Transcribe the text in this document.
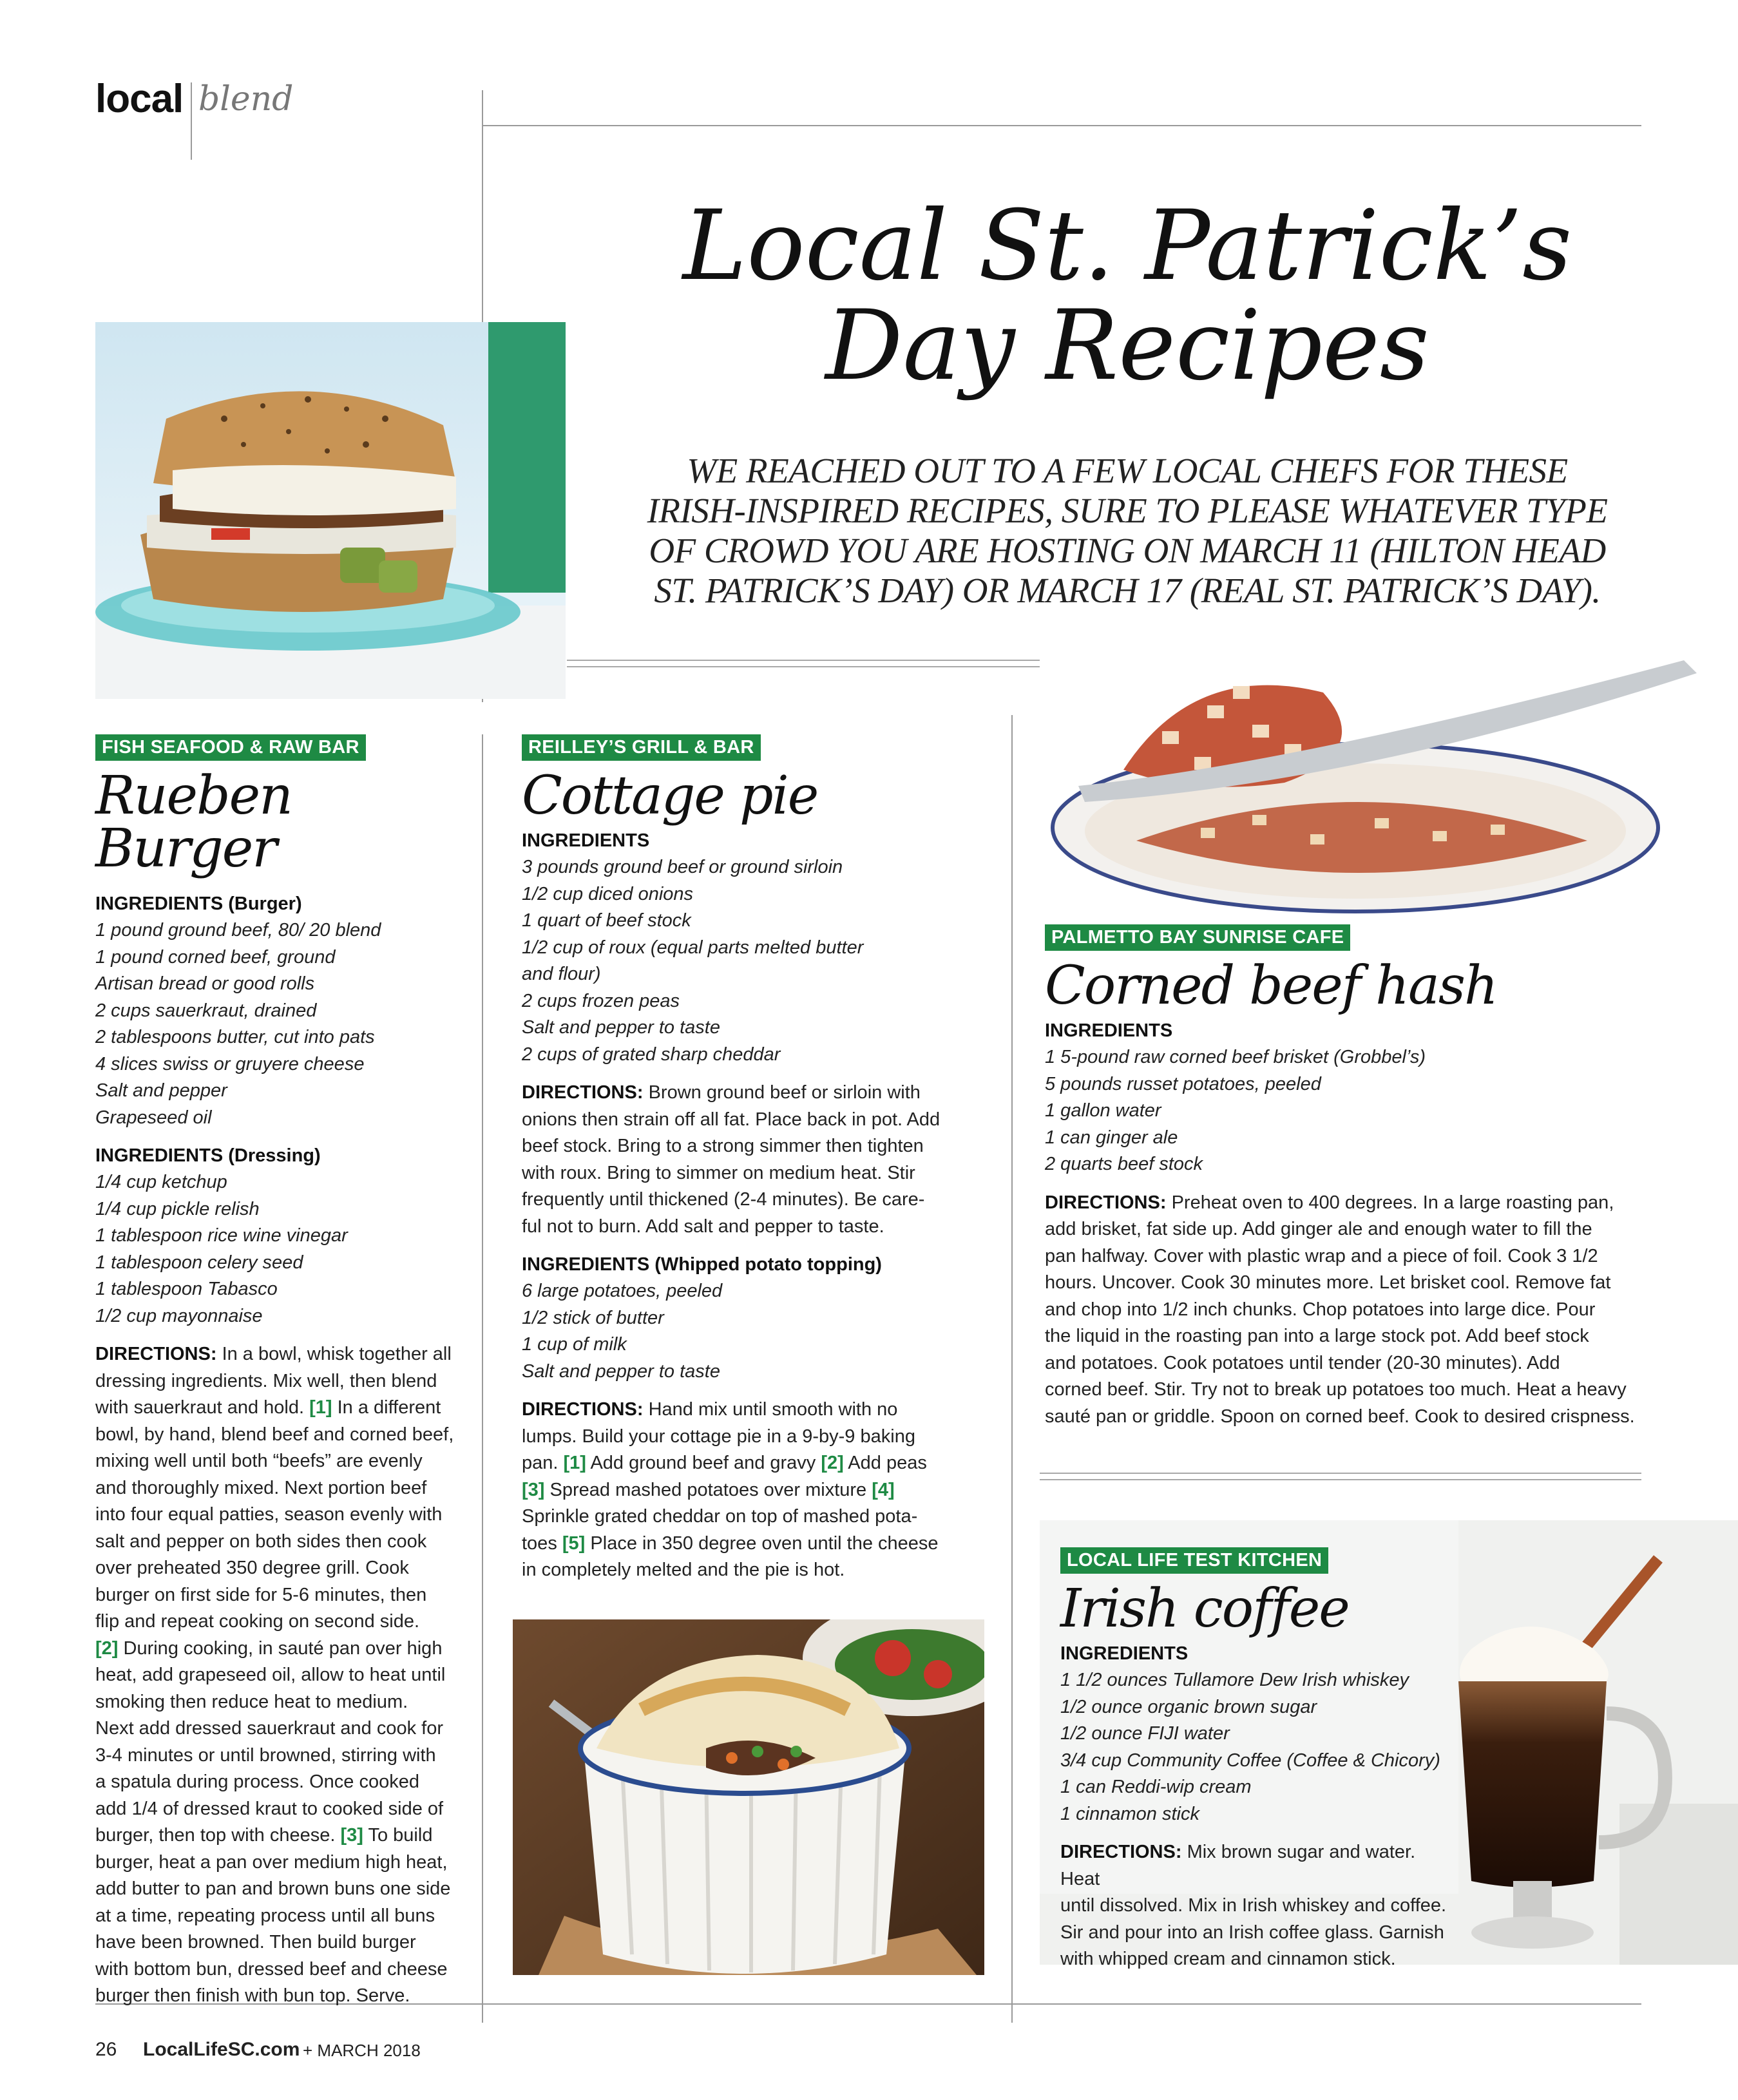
local blend
Local St. Patrick’s
Day Recipes
WE REACHED OUT TO A FEW LOCAL CHEFS FOR THESE
IRISH-INSPIRED RECIPES, SURE TO PLEASE WHATEVER TYPE
OF CROWD YOU ARE HOSTING ON MARCH 11 (HILTON HEAD
ST. PATRICK’S DAY) OR MARCH 17 (REAL ST. PATRICK’S DAY).
FISH SEAFOOD & RAW BAR
Rueben Burger
INGREDIENTS (Burger)
1 pound ground beef, 80/ 20 blend
1 pound corned beef, ground
Artisan bread or good rolls
2 cups sauerkraut, drained
2 tablespoons butter, cut into pats
4 slices swiss or gruyere cheese
Salt and pepper
Grapeseed oil
INGREDIENTS (Dressing)
1/4 cup ketchup
1/4 cup pickle relish
1 tablespoon rice wine vinegar
1 tablespoon celery seed
1 tablespoon Tabasco
1/2 cup mayonnaise
DIRECTIONS: In a bowl, whisk together all
dressing ingredients. Mix well, then blend
with sauerkraut and hold. [1] In a different
bowl, by hand, blend beef and corned beef,
mixing well until both “beefs” are evenly
and thoroughly mixed. Next portion beef
into four equal patties, season evenly with
salt and pepper on both sides then cook
over preheated 350 degree grill. Cook
burger on first side for 5-6 minutes, then
flip and repeat cooking on second side.
[2] During cooking, in sauté pan over high
heat, add grapeseed oil, allow to heat until
smoking then reduce heat to medium.
Next add dressed sauerkraut and cook for
3-4 minutes or until browned, stirring with
a spatula during process. Once cooked
add 1/4 of dressed kraut to cooked side of
burger, then top with cheese. [3] To build
burger, heat a pan over medium high heat,
add butter to pan and brown buns one side
at a time, repeating process until all buns
have been browned. Then build burger
with bottom bun, dressed beef and cheese
burger then finish with bun top. Serve.
REILLEY’S GRILL & BAR
Cottage pie
INGREDIENTS
3 pounds ground beef or ground sirloin
1/2 cup diced onions
1 quart of beef stock
1/2 cup of roux (equal parts melted butter
and flour)
2 cups frozen peas
Salt and pepper to taste
2 cups of grated sharp cheddar
DIRECTIONS: Brown ground beef or sirloin with
onions then strain off all fat. Place back in pot. Add
beef stock. Bring to a strong simmer then tighten
with roux. Bring to simmer on medium heat. Stir
frequently until thickened (2-4 minutes). Be care-
ful not to burn. Add salt and pepper to taste.
INGREDIENTS (Whipped potato topping)
6 large potatoes, peeled
1/2 stick of butter
1 cup of milk
Salt and pepper to taste
DIRECTIONS: Hand mix until smooth with no
lumps. Build your cottage pie in a 9-by-9 baking
pan. [1] Add ground beef and gravy [2] Add peas
[3] Spread mashed potatoes over mixture [4]
Sprinkle grated cheddar on top of mashed pota-
toes [5] Place in 350 degree oven until the cheese
in completely melted and the pie is hot.
PALMETTO BAY SUNRISE CAFE
Corned beef hash
INGREDIENTS
1 5-pound raw corned beef brisket (Grobbel’s)
5 pounds russet potatoes, peeled
1 gallon water
1 can ginger ale
2 quarts beef stock
DIRECTIONS: Preheat oven to 400 degrees. In a large roasting pan,
add brisket, fat side up. Add ginger ale and enough water to fill the
pan halfway. Cover with plastic wrap and a piece of foil. Cook 3 1/2
hours. Uncover. Cook 30 minutes more. Let brisket cool. Remove fat
and chop into 1/2 inch chunks. Chop potatoes into large dice. Pour
the liquid in the roasting pan into a large stock pot. Add beef stock
and potatoes. Cook potatoes until tender (20-30 minutes). Add
corned beef. Stir. Try not to break up potatoes too much. Heat a heavy
sauté pan or griddle. Spoon on corned beef. Cook to desired crispness.
LOCAL LIFE TEST KITCHEN
Irish coffee
INGREDIENTS
1 1/2 ounces Tullamore Dew Irish whiskey
1/2 ounce organic brown sugar
1/2 ounce FIJI water
3/4 cup Community Coffee (Coffee & Chicory)
1 can Reddi-wip cream
1 cinnamon stick
DIRECTIONS: Mix brown sugar and water. Heat
until dissolved. Mix in Irish whiskey and coffee.
Sir and pour into an Irish coffee glass. Garnish
with whipped cream and cinnamon stick.
26 LocalLifeSC.com + MARCH 2018
